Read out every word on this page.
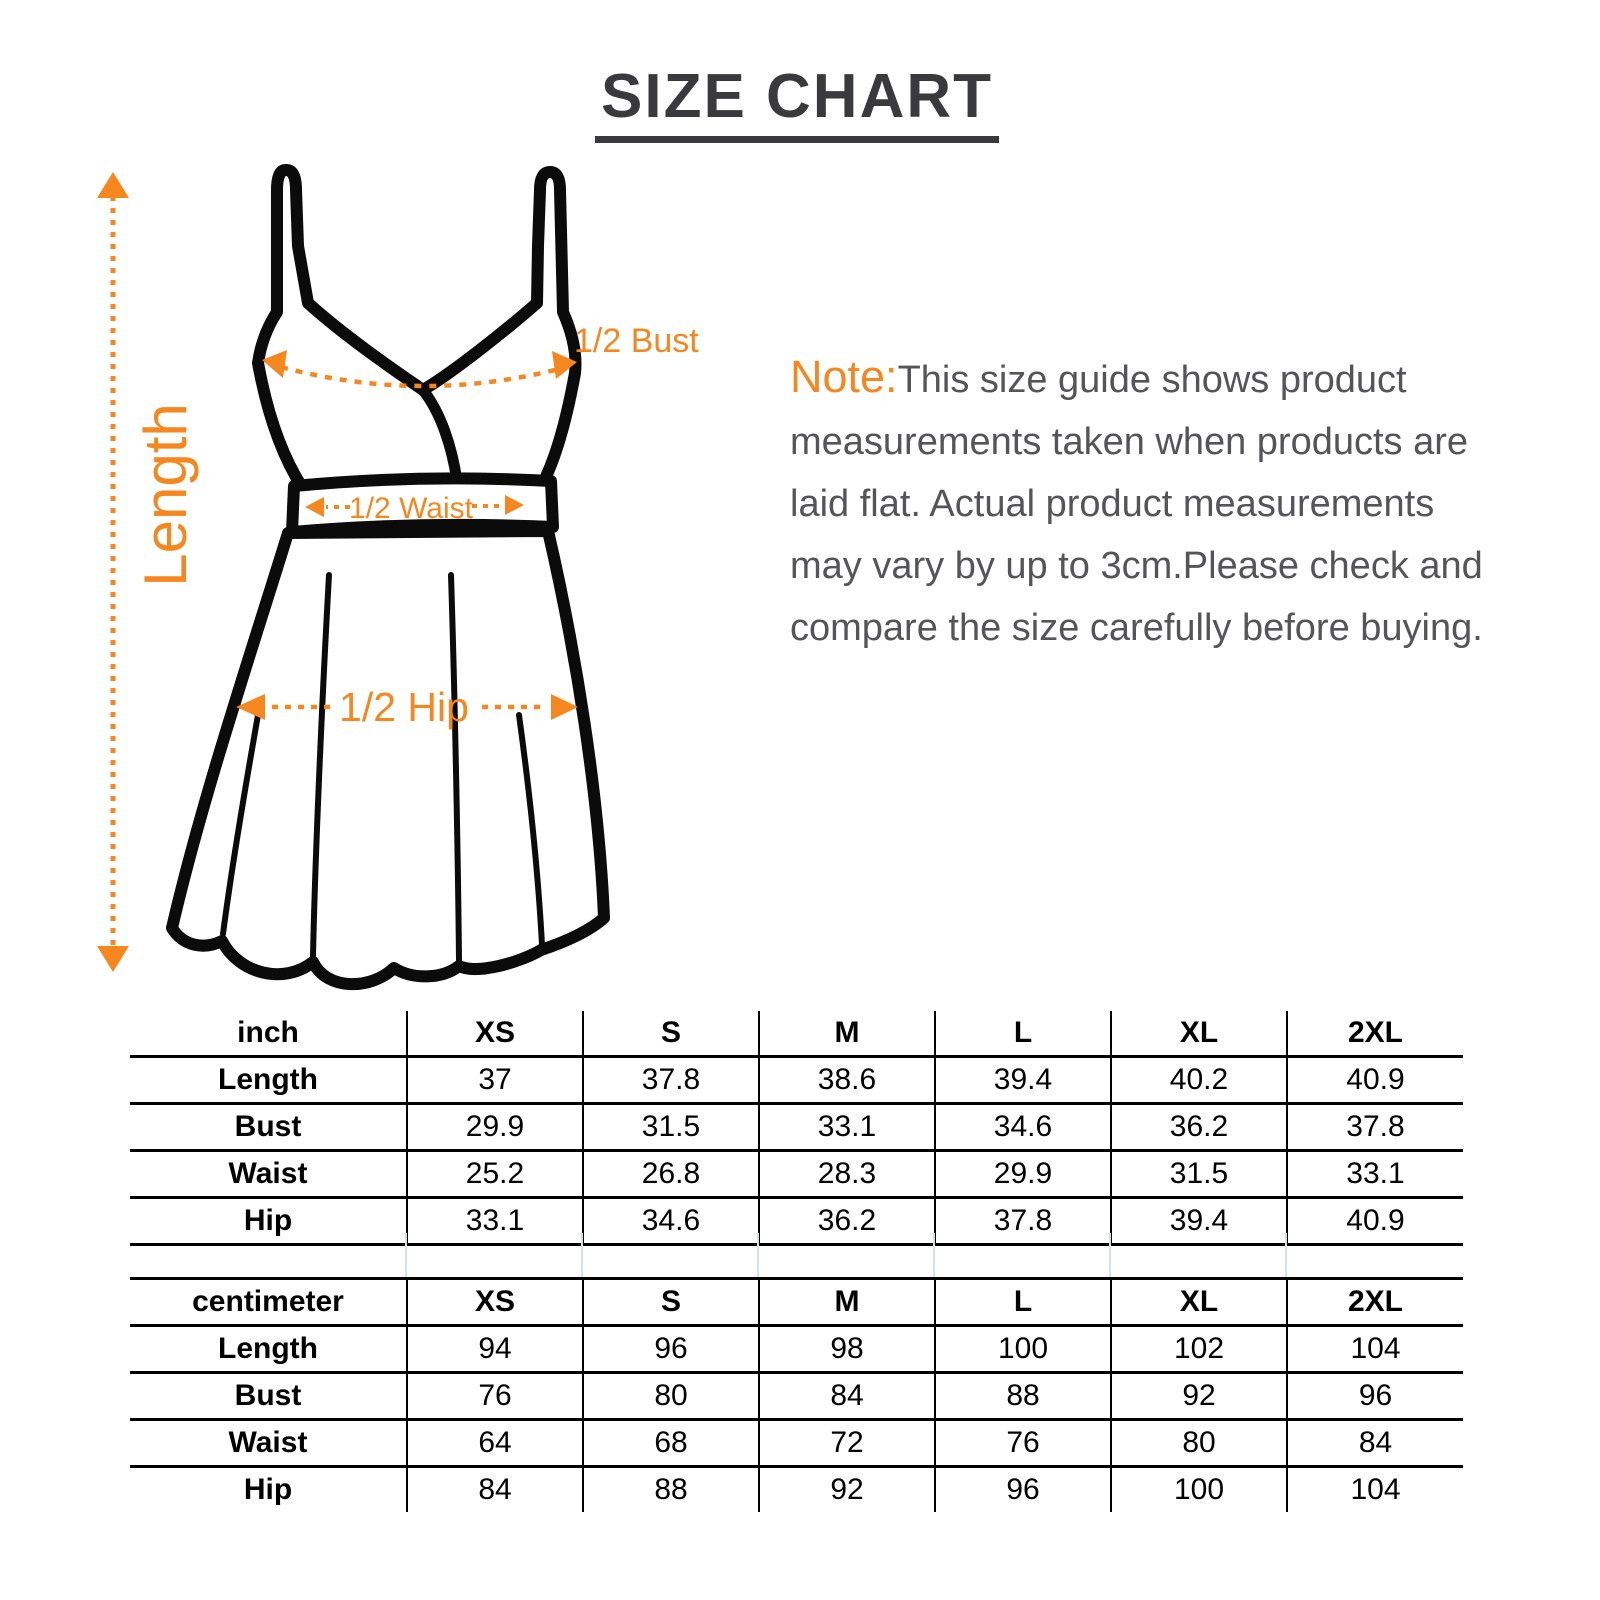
SIZE CHART
Length
1/2 Bust
1/2 Waist
1/2 Hip
Note:This size guide shows product
measurements taken when products are
laid flat. Actual product measurements
may vary by up to 3cm.Please check and
compare the size carefully before buying.
inch	XS	S	M	L	XL	2XL
Length	37	37.8	38.6	39.4	40.2	40.9
Bust	29.9	31.5	33.1	34.6	36.2	37.8
Waist	25.2	26.8	28.3	29.9	31.5	33.1
Hip	33.1	34.6	36.2	37.8	39.4	40.9
centimeter	XS	S	M	L	XL	2XL
Length	94	96	98	100	102	104
Bust	76	80	84	88	92	96
Waist	64	68	72	76	80	84
Hip	84	88	92	96	100	104
